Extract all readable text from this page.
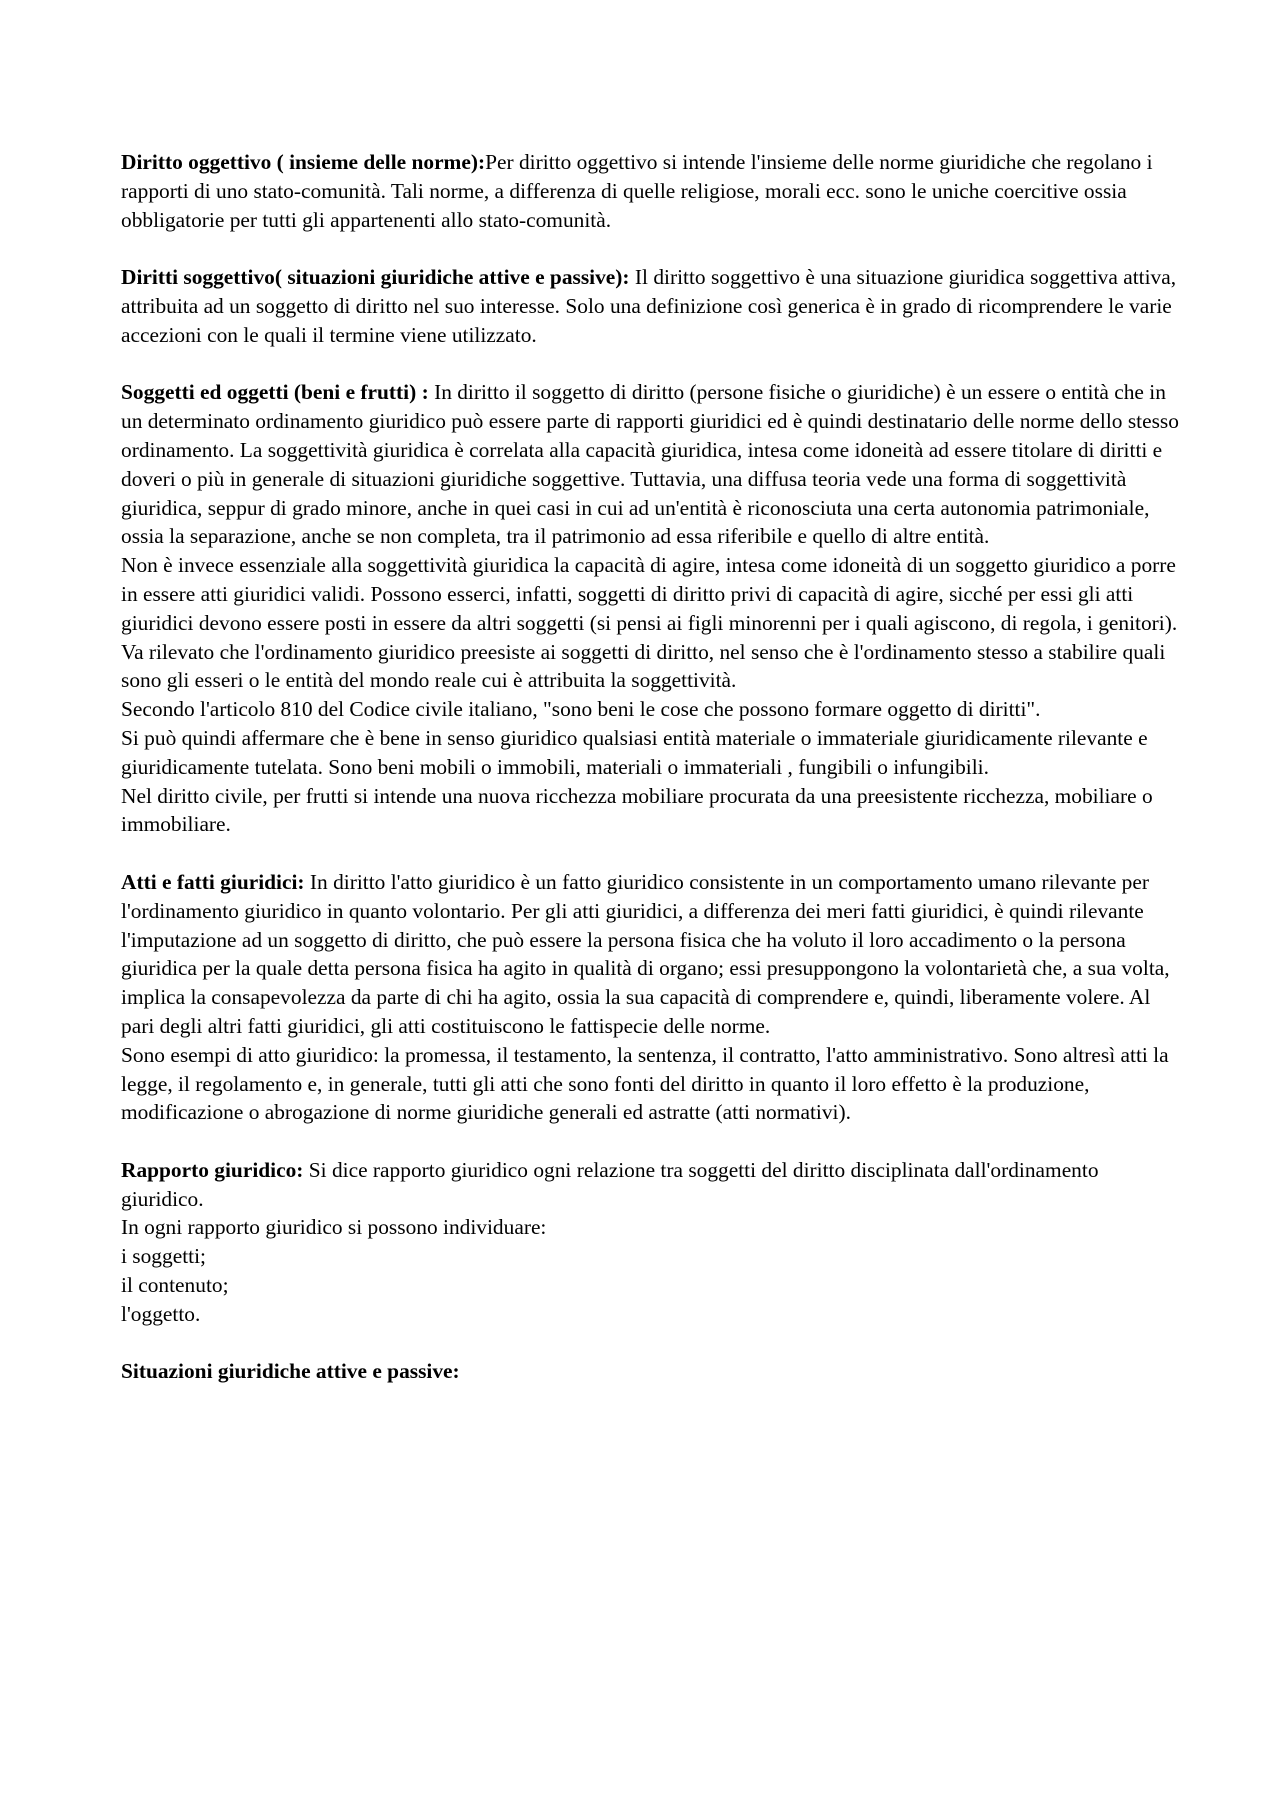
Diritto oggettivo ( insieme delle norme):Per diritto oggettivo si intende l'insieme delle norme giuridiche che regolano i rapporti di uno stato-comunità. Tali norme, a differenza di quelle religiose, morali ecc. sono le uniche coercitive ossia obbligatorie per tutti gli appartenenti allo stato-comunità.

Diritti soggettivo( situazioni giuridiche attive e passive): Il diritto soggettivo è una situazione giuridica soggettiva attiva, attribuita ad un soggetto di diritto nel suo interesse. Solo una definizione così generica è in grado di ricomprendere le varie accezioni con le quali il termine viene utilizzato.

Soggetti ed oggetti (beni e frutti) : In diritto il soggetto di diritto (persone fisiche o giuridiche) è un essere o entità che in un determinato ordinamento giuridico può essere parte di rapporti giuridici ed è quindi destinatario delle norme dello stesso ordinamento. La soggettività giuridica è correlata alla capacità giuridica, intesa come idoneità ad essere titolare di diritti e doveri o più in generale di situazioni giuridiche soggettive. Tuttavia, una diffusa teoria vede una forma di soggettività giuridica, seppur di grado minore, anche in quei casi in cui ad un'entità è riconosciuta una certa autonomia patrimoniale, ossia la separazione, anche se non completa, tra il patrimonio ad essa riferibile e quello di altre entità.

Non è invece essenziale alla soggettività giuridica la capacità di agire, intesa come idoneità di un soggetto giuridico a porre in essere atti giuridici validi. Possono esserci, infatti, soggetti di diritto privi di capacità di agire, sicché per essi gli atti giuridici devono essere posti in essere da altri soggetti (si pensi ai figli minorenni per i quali agiscono, di regola, i genitori).

Va rilevato che l'ordinamento giuridico preesiste ai soggetti di diritto, nel senso che è l'ordinamento stesso a stabilire quali sono gli esseri o le entità del mondo reale cui è attribuita la soggettività.

Secondo l'articolo 810 del Codice civile italiano, "sono beni le cose che possono formare oggetto di diritti".

Si può quindi affermare che è bene in senso giuridico qualsiasi entità materiale o immateriale giuridicamente rilevante e giuridicamente tutelata. Sono beni mobili o immobili, materiali o immateriali , fungibili o infungibili.

Nel diritto civile, per frutti si intende una nuova ricchezza mobiliare procurata da una preesistente ricchezza, mobiliare o immobiliare.

Atti e fatti giuridici: In diritto l'atto giuridico è un fatto giuridico consistente in un comportamento umano rilevante per l'ordinamento giuridico in quanto volontario. Per gli atti giuridici, a differenza dei meri fatti giuridici, è quindi rilevante l'imputazione ad un soggetto di diritto, che può essere la persona fisica che ha voluto il loro accadimento o la persona giuridica per la quale detta persona fisica ha agito in qualità di organo; essi presuppongono la volontarietà che, a sua volta, implica la consapevolezza da parte di chi ha agito, ossia la sua capacità di comprendere e, quindi, liberamente volere. Al pari degli altri fatti giuridici, gli atti costituiscono le fattispecie delle norme.

Sono esempi di atto giuridico: la promessa, il testamento, la sentenza, il contratto, l'atto amministrativo. Sono altresì atti la legge, il regolamento e, in generale, tutti gli atti che sono fonti del diritto in quanto il loro effetto è la produzione, modificazione o abrogazione di norme giuridiche generali ed astratte (atti normativi).

Rapporto giuridico: Si dice rapporto giuridico ogni relazione tra soggetti del diritto disciplinata dall'ordinamento giuridico.

In ogni rapporto giuridico si possono individuare:

i soggetti;

il contenuto;

l'oggetto.

Situazioni giuridiche attive e passive:
